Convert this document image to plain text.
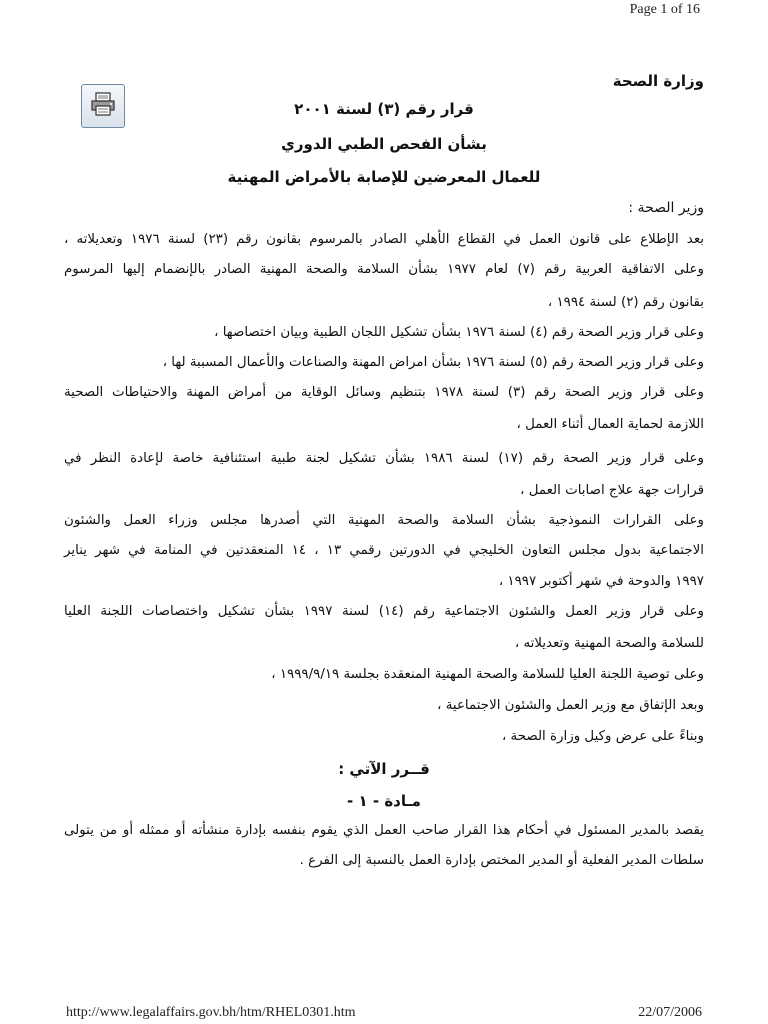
Page 1 of 16
وزارة الصحة
قرار رقم (٣) لسنة ٢٠٠١
بشأن الفحص الطبي الدوري
للعمال المعرضين للإصابة بالأمراض المهنية
وزير الصحة :
بعد الإطلاع على قانون العمل في القطاع الأهلي الصادر بالمرسوم بقانون رقم (٢٣) لسنة ١٩٧٦ وتعديلاته ،
وعلى الاتفاقية العربية رقم (٧) لعام ١٩٧٧ بشأن السلامة والصحة المهنية الصادر بالإنضمام إليها المرسوم
بقانون رقم (٢) لسنة ١٩٩٤ ،
وعلى قرار وزير الصحة رقم (٤) لسنة ١٩٧٦ بشأن تشكيل اللجان الطبية وبيان اختصاصها ،
وعلى قرار وزير الصحة رقم (٥) لسنة ١٩٧٦ بشأن امراض المهنة والصناعات والأعمال المسببة لها ،
وعلى قرار وزير الصحة رقم (٣) لسنة ١٩٧٨ بتنظيم وسائل الوقاية من أمراض المهنة والاحتياطات الصحية
اللازمة لحماية العمال أثناء العمل ،
وعلى قرار وزير الصحة رقم (١٧) لسنة ١٩٨٦ بشأن تشكيل لجنة طبية استئنافية خاصة لإعادة النظر في
قرارات جهة علاج اصابات العمل ،
وعلى القرارات النموذجية بشأن السلامة والصحة المهنية التي أصدرها مجلس وزراء العمل والشئون
الاجتماعية بدول مجلس التعاون الخليجي في الدورتين رقمي ١٣ ، ١٤ المنعقدتين في المنامة في شهر يناير
١٩٩٧ والدوحة في شهر أكتوبر ١٩٩٧ ،
وعلى قرار وزير العمل والشئون الاجتماعية رقم (١٤) لسنة ١٩٩٧ بشأن تشكيل واختصاصات اللجنة العليا
للسلامة والصحة المهنية وتعديلاته ،
وعلى توصية اللجنة العليا للسلامة والصحة المهنية المنعقدة بجلسة ١٩٩٩/٩/١٩ ،
وبعد الإتفاق مع وزير العمل والشئون الاجتماعية ،
وبناءً على عرض وكيل وزارة الصحة ،
قــرر الآتي :
مـادة - ١ -
يقصد بالمدير المسئول في أحكام هذا القرار صاحب العمل الذي يقوم بنفسه بإدارة منشأته أو ممثله أو من يتولى
سلطات المدير الفعلية أو المدير المختص بإدارة العمل بالنسبة إلى الفرع .
http://www.legalaffairs.gov.bh/htm/RHEL0301.htm	22/07/2006
